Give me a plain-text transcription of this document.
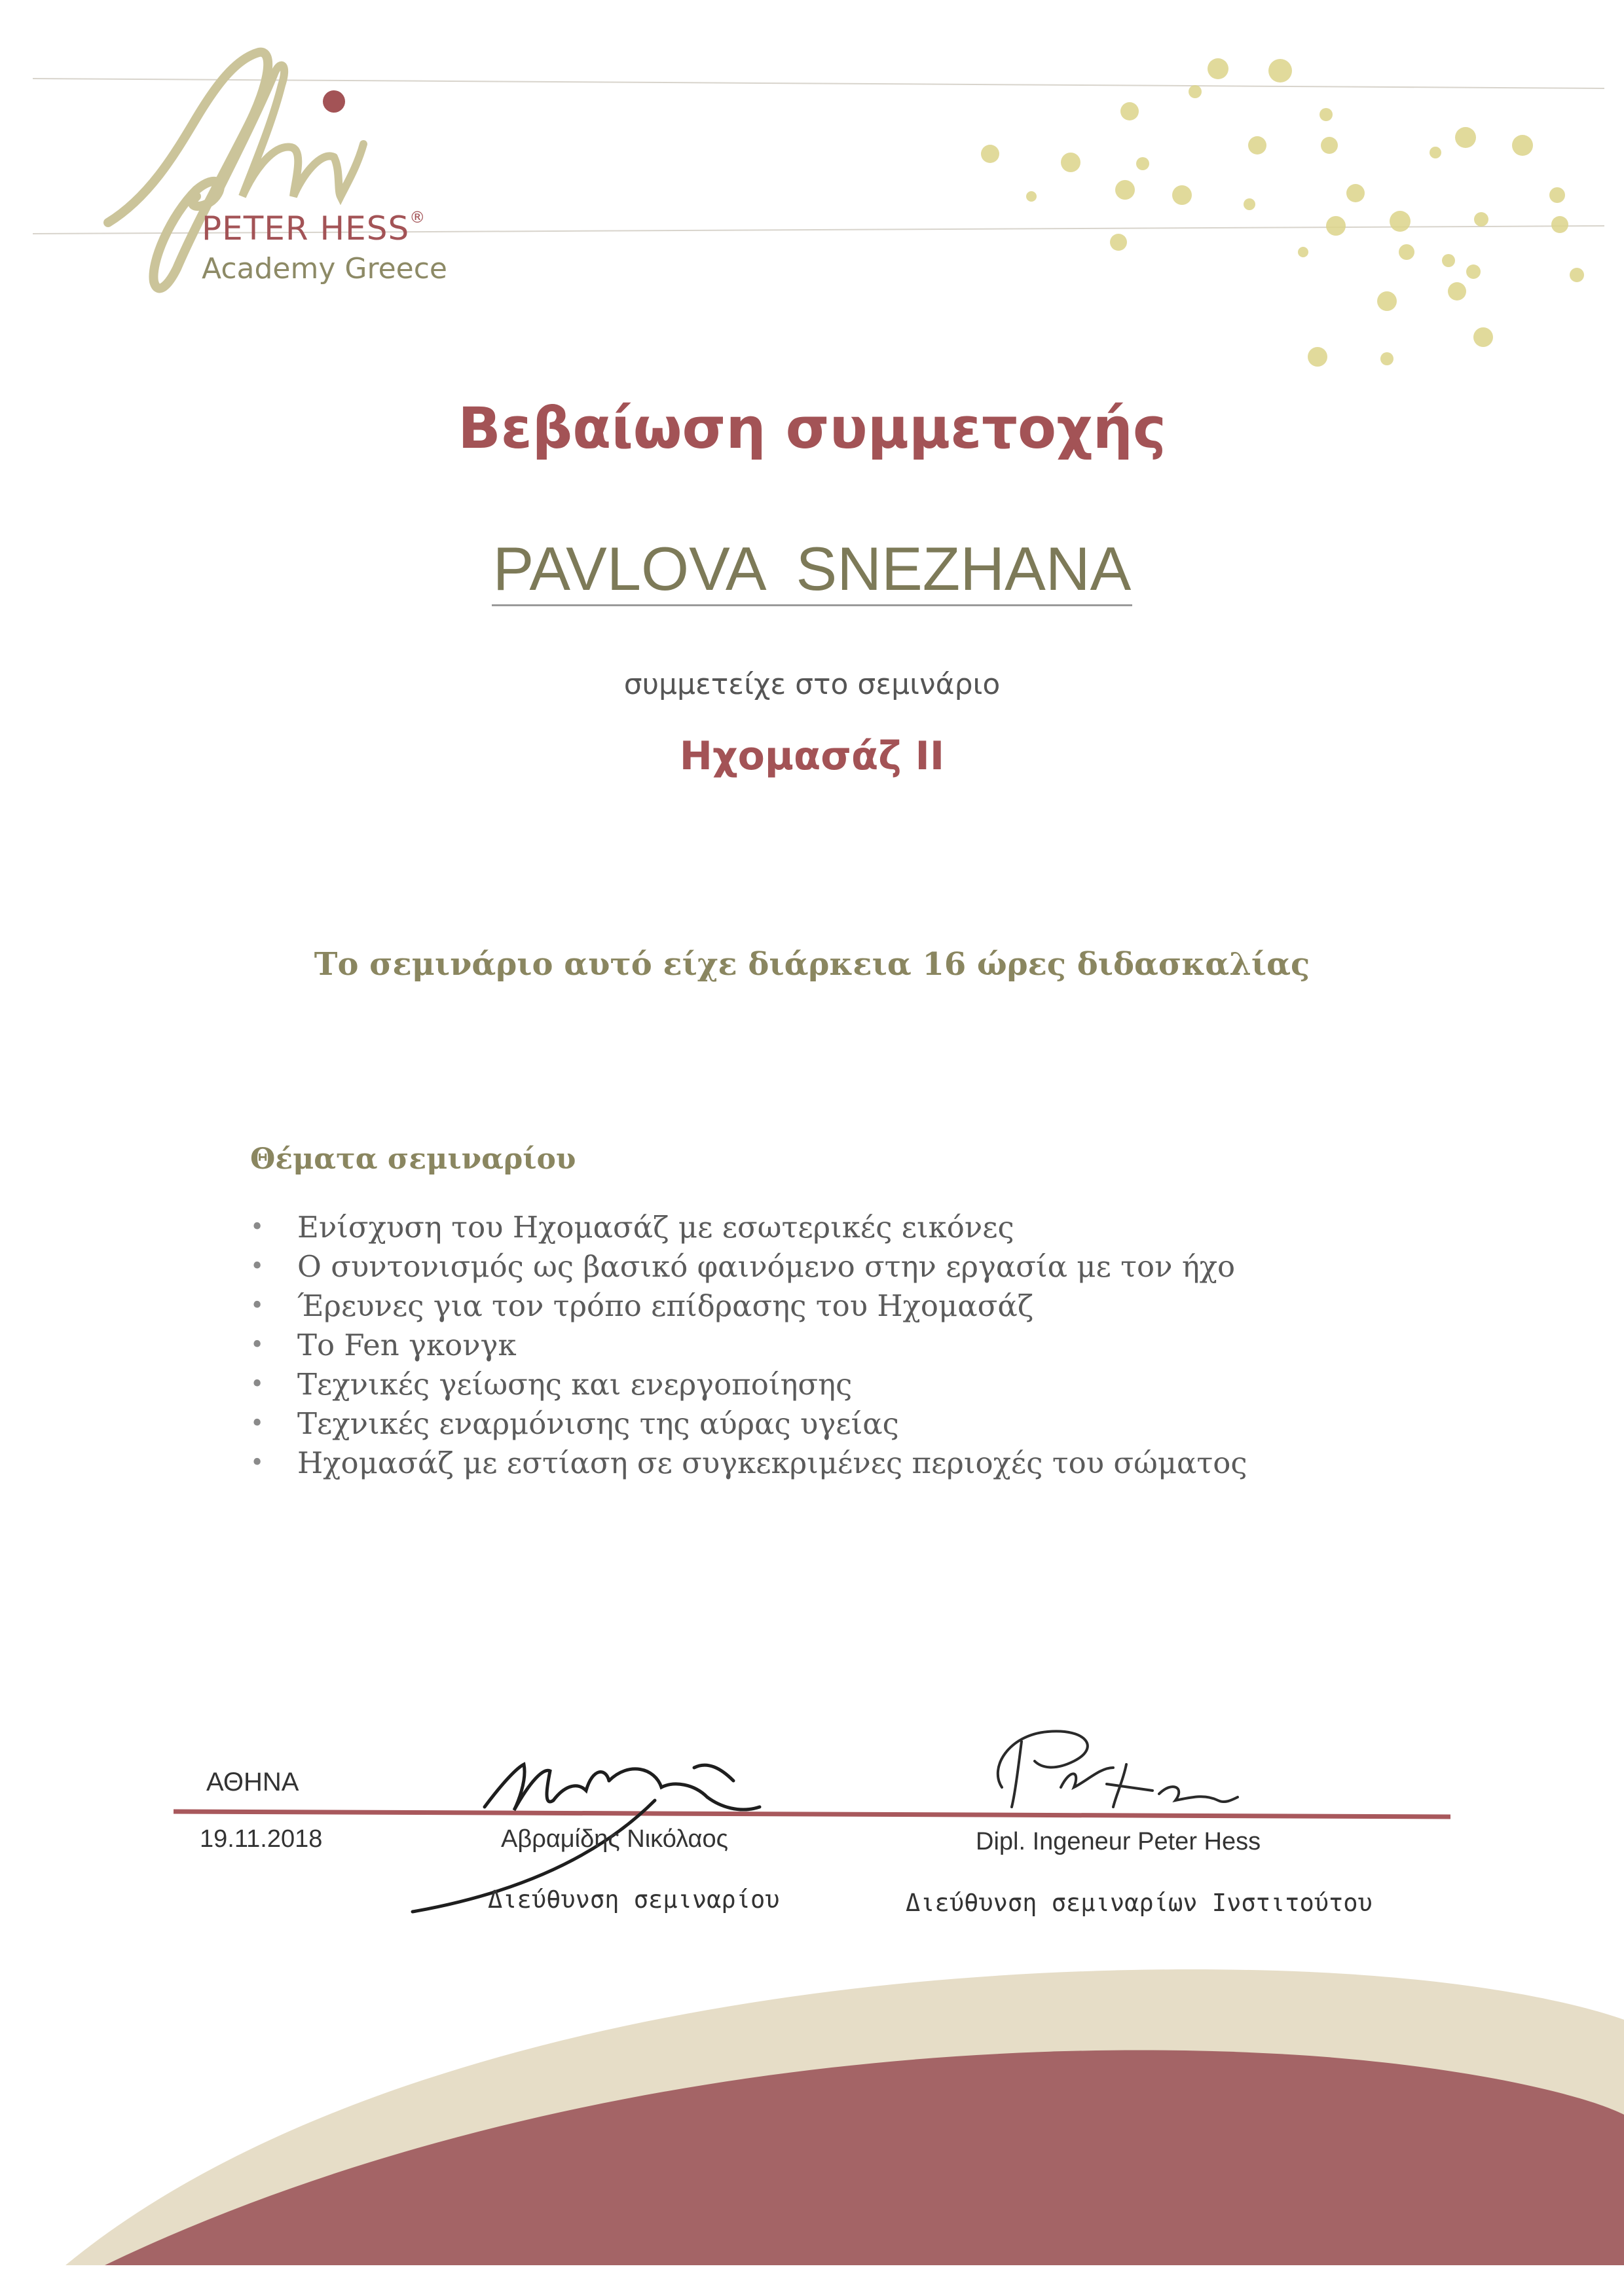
PETER HESS®
Academy Greece
Βεβαίωση συμμετοχής
PAVLOVA SNEZHANA
συμμετείχε στο σεμινάριο
Ηχομασάζ II
Το σεμινάριο αυτό είχε διάρκεια 16 ώρες διδασκαλίας
Θέματα σεμιναρίου
• Ενίσχυση του Ηχομασάζ με εσωτερικές εικόνες
• Ο συντονισμός ως βασικό φαινόμενο στην εργασία με τον ήχο
• Έρευνες για τον τρόπο επίδρασης του Ηχομασάζ
• Το Fen γκονγκ
• Τεχνικές γείωσης και ενεργοποίησης
• Τεχνικές εναρμόνισης της αύρας υγείας
• Ηχομασάζ με εστίαση σε συγκεκριμένες περιοχές του σώματος
ΑΘΗΝΑ
19.11.2018	Αβραμίδης Νικόλαος
Διεύθυνση σεμιναρίου
Dipl. Ingeneur Peter Hess
Διεύθυνση σεμιναρίων Ινστιτούτου
